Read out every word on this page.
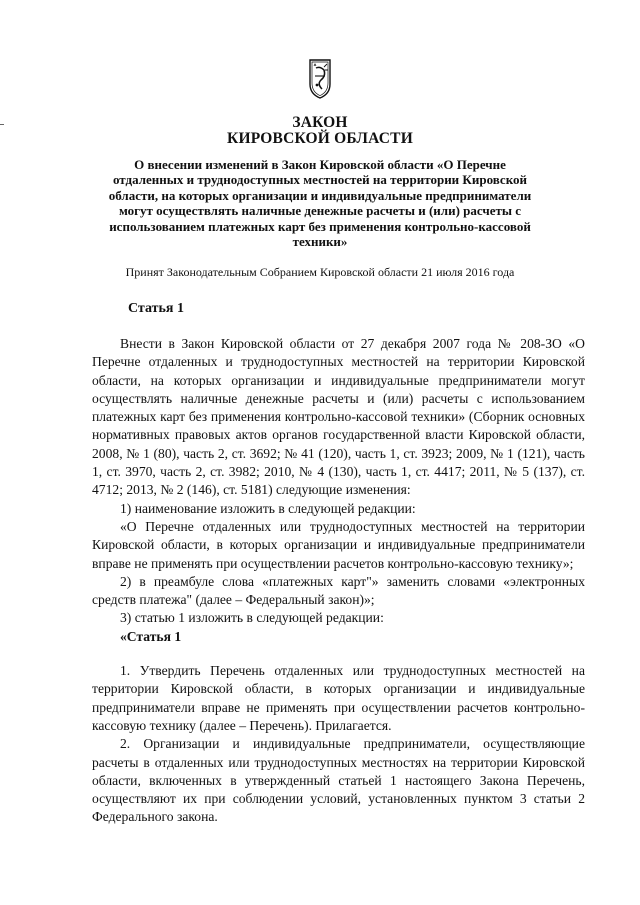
ЗАКОН
КИРОВСКОЙ ОБЛАСТИ
О внесении изменений в Закон Кировской области «О Перечне отдаленных и труднодоступных местностей на территории Кировской области, на которых организации и индивидуальные предприниматели могут осуществлять наличные денежные расчеты и (или) расчеты с использованием платежных карт без применения контрольно-кассовой техники»
Принят Законодательным Собранием Кировской области 21 июля 2016 года
Статья 1

Внести в Закон Кировской области от 27 декабря 2007 года № 208-ЗО «О Перечне отдаленных и труднодоступных местностей на территории Кировской области, на которых организации и индивидуальные предприниматели могут осуществлять наличные денежные расчеты и (или) расчеты с использованием платежных карт без применения контрольно-кассовой техники» (Сборник основных нормативных правовых актов органов государственной власти Кировской области, 2008, № 1 (80), часть 2, ст. 3692; № 41 (120), часть 1, ст. 3923; 2009, № 1 (121), часть 1, ст. 3970, часть 2, ст. 3982; 2010, № 4 (130), часть 1, ст. 4417; 2011, № 5 (137), ст. 4712; 2013, № 2 (146), ст. 5181) следующие изменения:

1) наименование изложить в следующей редакции:

«О Перечне отдаленных или труднодоступных местностей на территории Кировской области, в которых организации и индивидуальные предприниматели вправе не применять при осуществлении расчетов контрольно-кассовую технику»;

2) в преамбуле слова «платежных карт"» заменить словами «электронных средств платежа" (далее – Федеральный закон)»;

3) статью 1 изложить в следующей редакции:

«Статья 1

1. Утвердить Перечень отдаленных или труднодоступных местностей на территории Кировской области, в которых организации и индивидуальные предприниматели вправе не применять при осуществлении расчетов контрольно-кассовую технику (далее – Перечень). Прилагается.

2. Организации и индивидуальные предприниматели, осуществляющие расчеты в отдаленных или труднодоступных местностях на территории Кировской области, включенных в утвержденный статьей 1 настоящего Закона Перечень, осуществляют их при соблюдении условий, установленных пунктом 3 статьи 2 Федерального закона.
